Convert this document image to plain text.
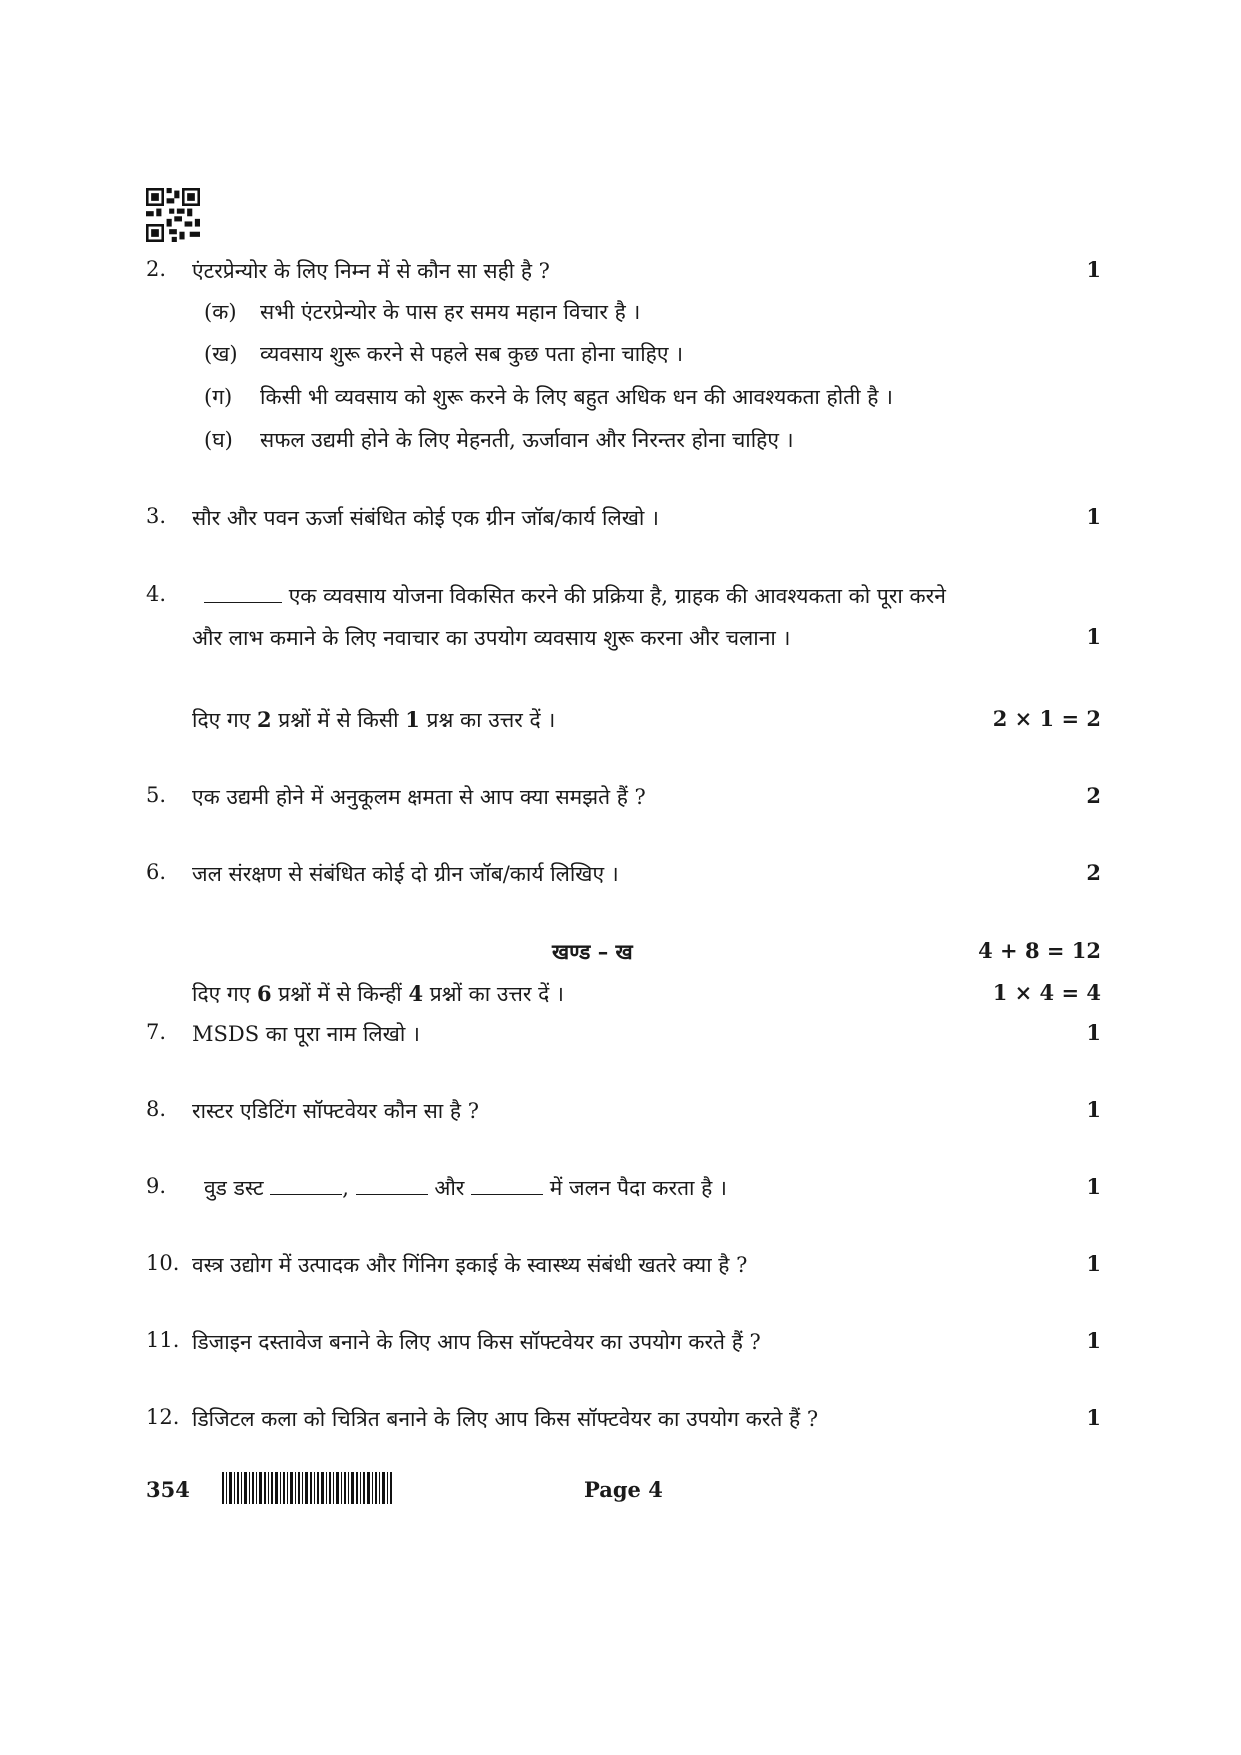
2. एंटरप्रेन्योर के लिए निम्न में से कौन सा सही है ?	1
(क) सभी एंटरप्रेन्योर के पास हर समय महान विचार है ।
(ख) व्यवसाय शुरू करने से पहले सब कुछ पता होना चाहिए ।
(ग) किसी भी व्यवसाय को शुरू करने के लिए बहुत अधिक धन की आवश्यकता होती है ।
(घ) सफल उद्यमी होने के लिए मेहनती, ऊर्जावान और निरन्तर होना चाहिए ।
3. सौर और पवन ऊर्जा संबंधित कोई एक ग्रीन जॉब/कार्य लिखो ।	1
4.	एक व्यवसाय योजना विकसित करने की प्रक्रिया है, ग्राहक की आवश्यकता को पूरा करने
और लाभ कमाने के लिए नवाचार का उपयोग व्यवसाय शुरू करना और चलाना ।	1
दिए गए 2 प्रश्नों में से किसी 1 प्रश्न का उत्तर दें ।	2 × 1 = 2
5. एक उद्यमी होने में अनुकूलम क्षमता से आप क्या समझते हैं ?	2
6. जल संरक्षण से संबंधित कोई दो ग्रीन जॉब/कार्य लिखिए ।	2
खण्ड – ख	4 + 8 = 12
दिए गए 6 प्रश्नों में से किन्हीं 4 प्रश्नों का उत्तर दें ।	1 × 4 = 4
7. MSDS का पूरा नाम लिखो ।	1
8. रास्टर एडिटिंग सॉफ्टवेयर कौन सा है ?	1
9. वुड डस्ट	,	और	में जलन पैदा करता है ।	1
10. वस्त्र उद्योग में उत्पादक और गिंनिग इकाई के स्वास्थ्य संबंधी खतरे क्या है ?	1
11. डिजाइन दस्तावेज बनाने के लिए आप किस सॉफ्टवेयर का उपयोग करते हैं ?	1
12. डिजिटल कला को चित्रित बनाने के लिए आप किस सॉफ्टवेयर का उपयोग करते हैं ?	1
354	Page 4
